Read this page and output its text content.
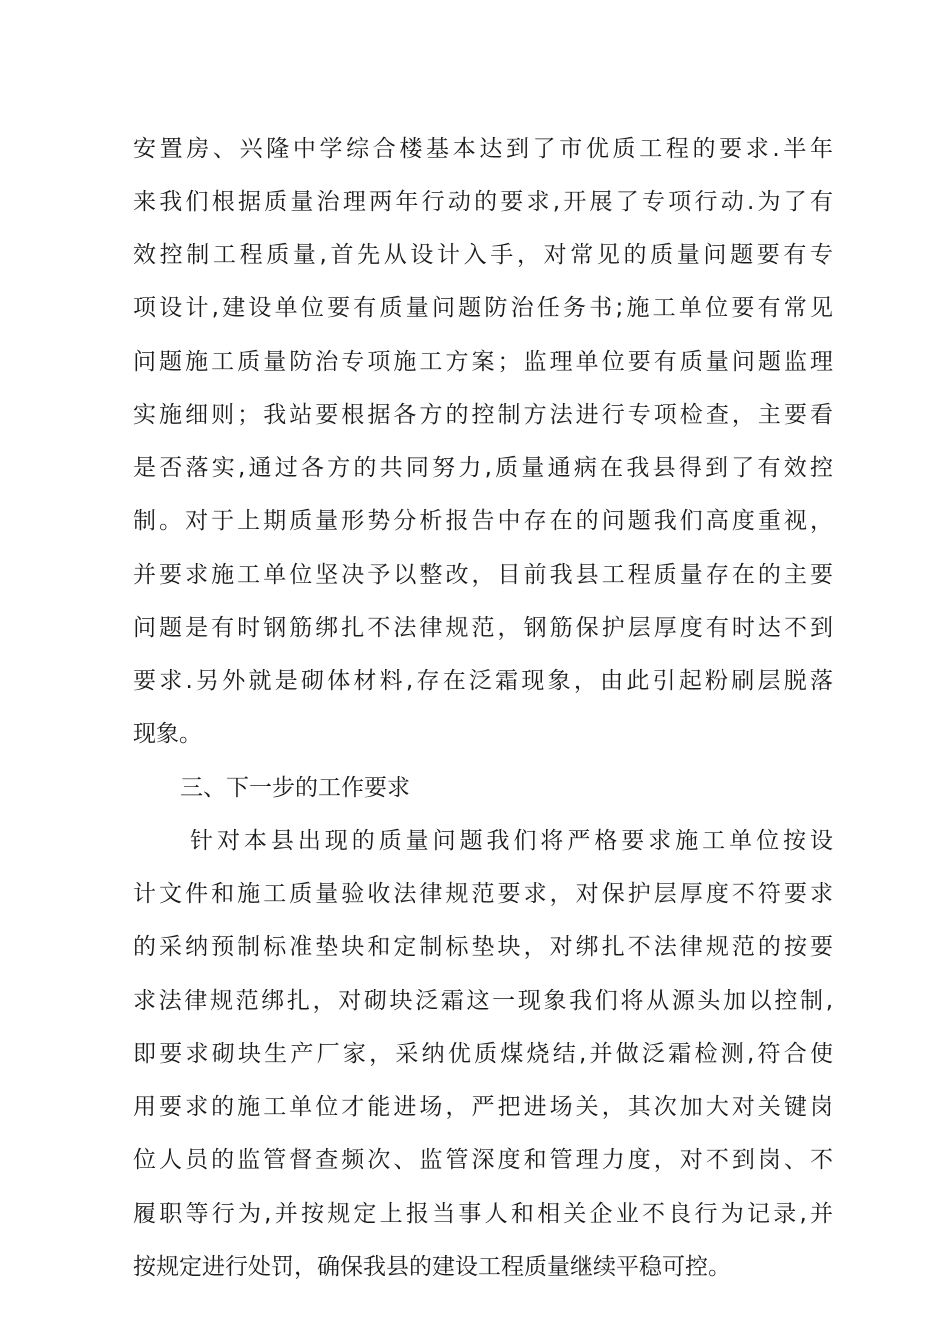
安置房、兴隆中学综合楼基本达到了市优质工程的要求.半年
来我们根据质量治理两年行动的要求,开展了专项行动.为了有
效控制工程质量,首先从设计入手，对常见的质量问题要有专
项设计,建设单位要有质量问题防治任务书;施工单位要有常见
问题施工质量防治专项施工方案；监理单位要有质量问题监理
实施细则；我站要根据各方的控制方法进行专项检查，主要看
是否落实,通过各方的共同努力,质量通病在我县得到了有效控
制。对于上期质量形势分析报告中存在的问题我们高度重视，
并要求施工单位坚决予以整改，目前我县工程质量存在的主要
问题是有时钢筋绑扎不法律规范，钢筋保护层厚度有时达不到
要求.另外就是砌体材料,存在泛霜现象，由此引起粉刷层脱落
现象。
三、下一步的工作要求
针对本县出现的质量问题我们将严格要求施工单位按设
计文件和施工质量验收法律规范要求，对保护层厚度不符要求
的采纳预制标准垫块和定制标垫块，对绑扎不法律规范的按要
求法律规范绑扎，对砌块泛霜这一现象我们将从源头加以控制,
即要求砌块生产厂家，采纳优质煤烧结,并做泛霜检测,符合使
用要求的施工单位才能进场，严把进场关，其次加大对关键岗
位人员的监管督查频次、监管深度和管理力度，对不到岗、不
履职等行为,并按规定上报当事人和相关企业不良行为记录,并
按规定进行处罚，确保我县的建设工程质量继续平稳可控。
